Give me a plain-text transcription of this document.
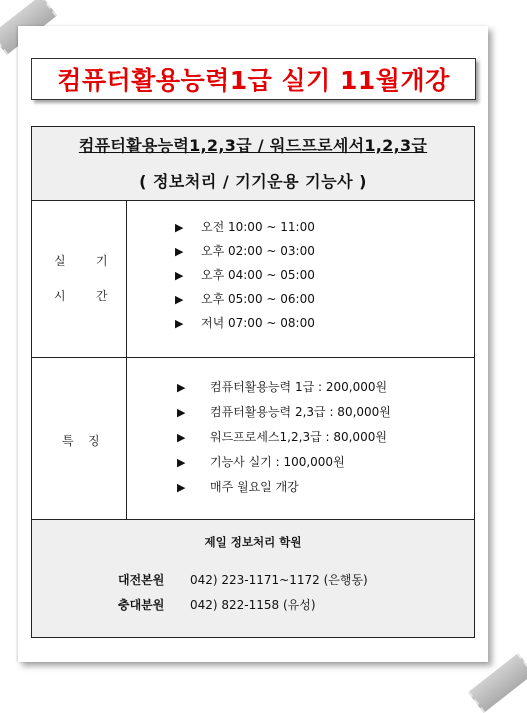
컴퓨터활용능력1급 실기 11월개강
컴퓨터활용능력1,2,3급 / 워드프로세서1,2,3급
( 정보처리 / 기기운용 기능사 )
실	기
시	간
▶ 오전 10:00 ~ 11:00
▶ 오후 02:00 ~ 03:00
▶ 오후 04:00 ~ 05:00
▶ 오후 05:00 ~ 06:00
▶ 저녁 07:00 ~ 08:00
특 징
▶ 컴퓨터활용능력 1급 : 200,000원
▶ 컴퓨터활용능력 2,3급 : 80,000원
▶ 워드프로세스1,2,3급 : 80,000원
▶ 기능사 실기 : 100,000원
▶ 매주 월요일 개강
제일 정보처리 학원
대전본원 042) 223-1171~1172 (은행동)
충대분원 042) 822-1158 (유성)
